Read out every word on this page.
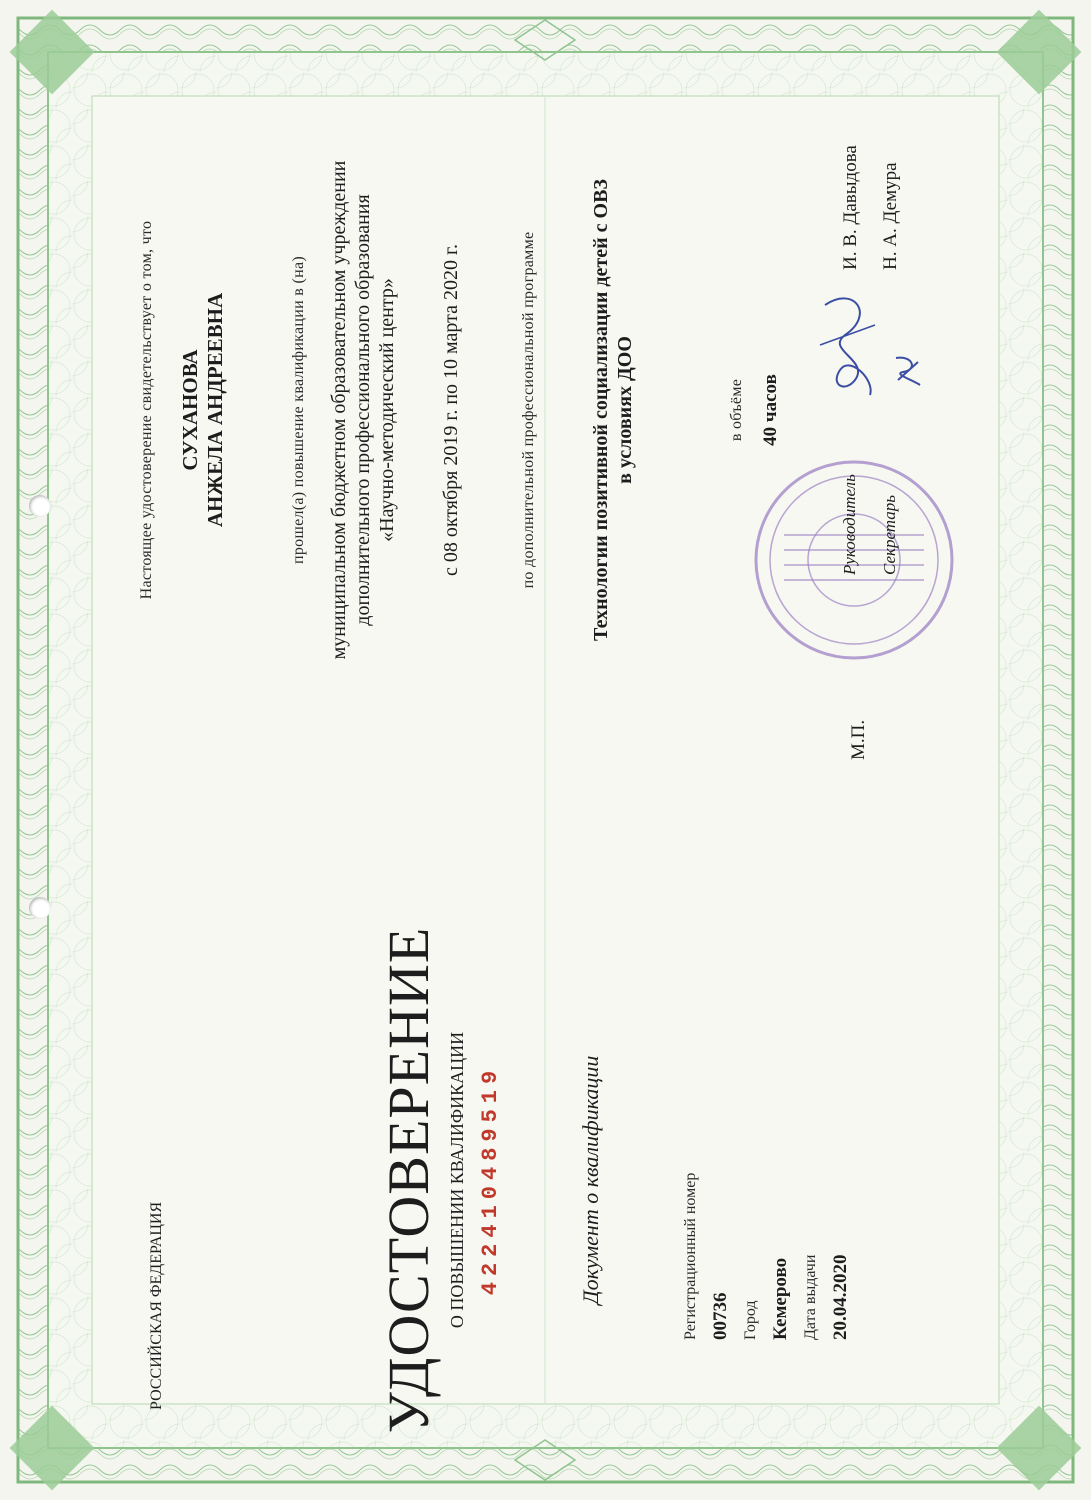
РОССИЙСКАЯ ФЕДЕРАЦИЯ	УДОСТОВЕРЕНИЕ О ПОВЫШЕНИИ КВАЛИФИКАЦИИ 422410489519	Документ о квалификации	Регистрационный номер 00736 Город Кемерово Дата выдачи 20.04.2020
Настоящее удостоверение свидетельствует о том, что СУХАНОВА АНЖЕЛА АНДРЕЕВНА	прошел(а) повышение квалификации в (на) муниципальном бюджетном образовательном учреждении дополнительного профессионального образования «Научно-методический центр» с 08 октября 2019 г. по 10 марта 2020 г.	по дополнительной профессиональной программе	Технологии позитивной социализации детей с ОВЗ в условиях ДОО	в объёме 40 часов
М.П.
Руководитель
И. В. Давыдова
Секретарь
Н. А. Демура
